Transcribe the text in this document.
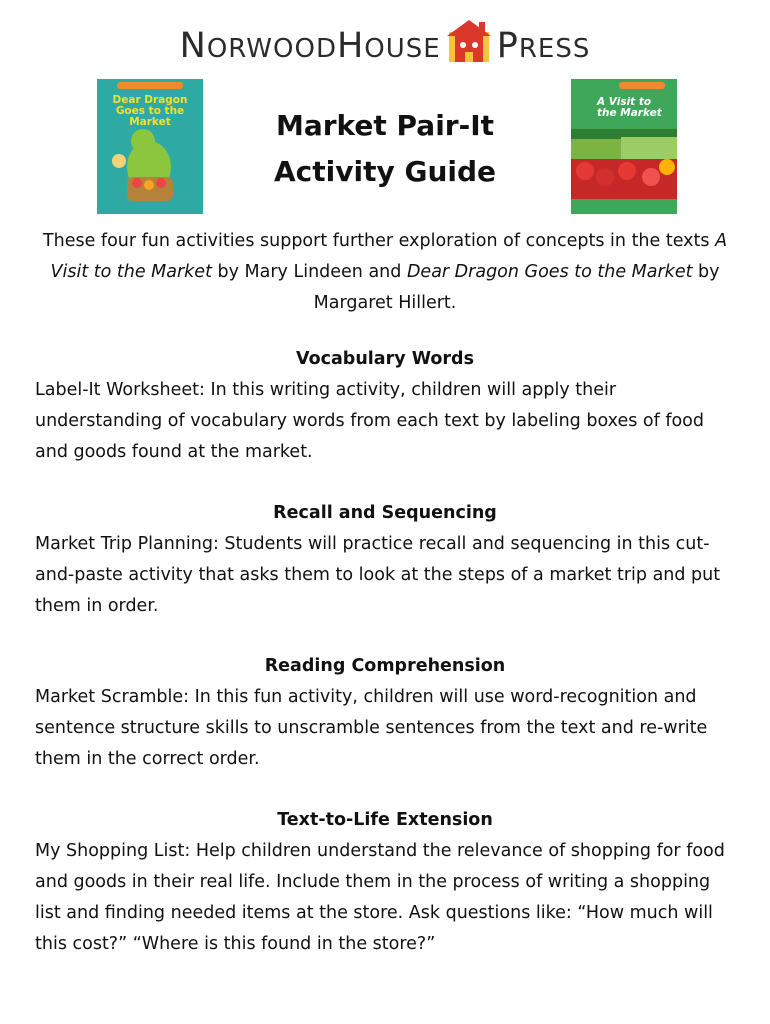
NORWOODHOUSE PRESS
Dear Dragon Goes to the Market	Market Pair-It
Activity Guide
A Visit to the Market
These four fun activities support further exploration of concepts in the texts A Visit to the Market by Mary Lindeen and Dear Dragon Goes to the Market by Margaret Hillert.
Vocabulary Words

Label-It Worksheet: In this writing activity, children will apply their understanding of vocabulary words from each text by labeling boxes of food and goods found at the market.

Recall and Sequencing

Market Trip Planning: Students will practice recall and sequencing in this cut-and-paste activity that asks them to look at the steps of a market trip and put them in order.

Reading Comprehension

Market Scramble: In this fun activity, children will use word-recognition and sentence structure skills to unscramble sentences from the text and re-write them in the correct order.

Text-to-Life Extension

My Shopping List: Help children understand the relevance of shopping for food and goods in their real life. Include them in the process of writing a shopping list and finding needed items at the store. Ask questions like: “How much will this cost?” “Where is this found in the store?”
